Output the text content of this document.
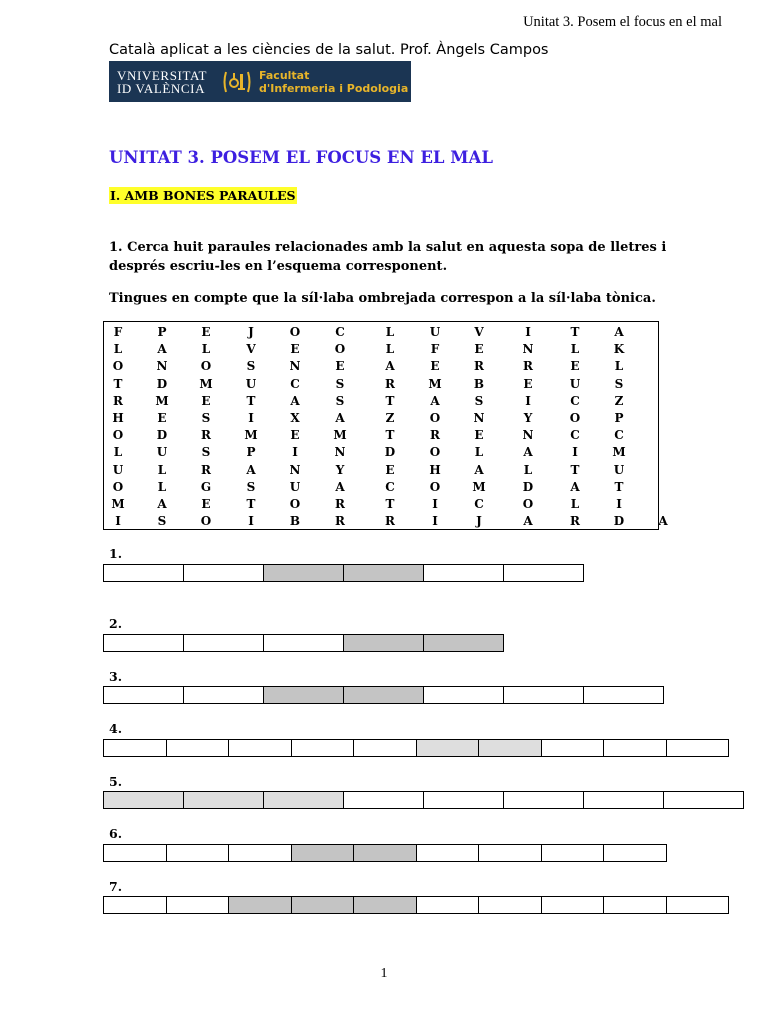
Unitat 3. Posem el focus en el mal
Català aplicat a les ciències de la salut. Prof. Àngels Campos
VNIVERSITAT
ID VALÈNCIA
Facultat
d'Infermeria i Podologia
UNITAT 3. POSEM EL FOCUS EN EL MAL
I. AMB BONES PARAULES
1. Cerca huit paraules relacionades amb la salut en aquesta sopa de lletres i després escriu-les en l’esquema corresponent.
Tingues en compte que la síl·laba ombrejada correspon a la síl·laba tònica.
F	P	E	J	O	C	L	U	V	I	T	A
L	A	L	V	E	O	L	F	E	N	L	K
O	N	O	S	N	E	A	E	R	R	E	L
T	D	M	U	C	S	R	M	B	E	U	S
R	M	E	T	A	S	T	A	S	I	C	Z
H	E	S	I	X	A	Z	O	N	Y	O	P
O	D	R	M	E	M	T	R	E	N	C	C
L	U	S	P	I	N	D	O	L	A	I	M
U	L	R	A	N	Y	E	H	A	L	T	U
O	L	G	S	U	A	C	O	M	D	A	T
M	A	E	T	O	R	T	I	C	O	L	I
I	S	O	I	B	R	R	I	J	A	R	D	A
1.
2.
3.
4.
5.
6.
7.
1
